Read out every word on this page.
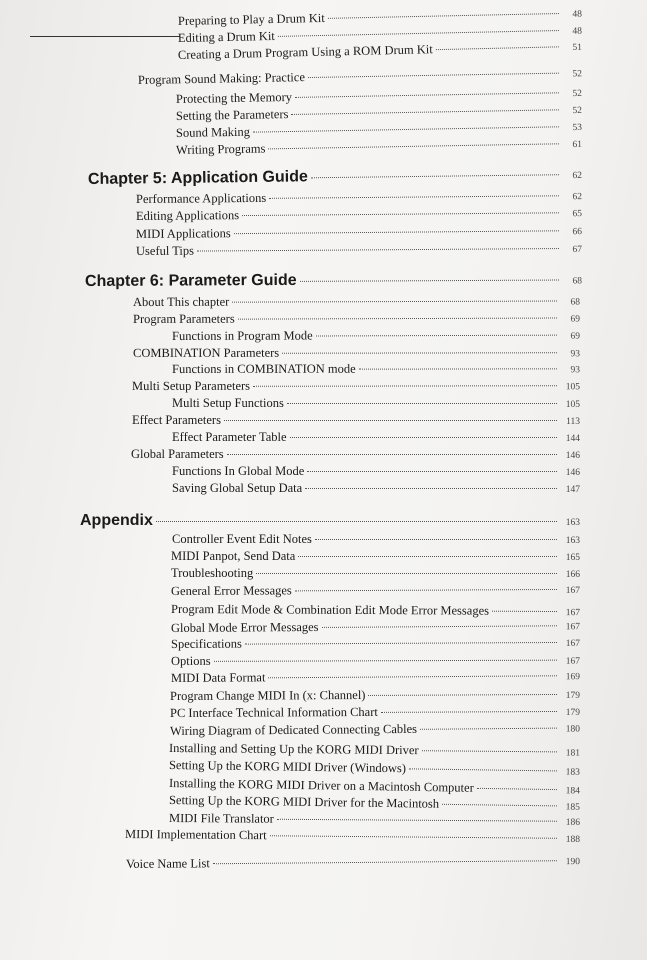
Preparing to Play a Drum Kit	48
Editing a Drum Kit	48
Creating a Drum Program Using a ROM Drum Kit	51
Program Sound Making: Practice	52
Protecting the Memory	52
Setting the Parameters	52
Sound Making	53
Writing Programs	61
Chapter 5: Application Guide	62
Performance Applications	62
Editing Applications	65
MIDI Applications	66
Useful Tips	67
Chapter 6: Parameter Guide	68
About This chapter	68
Program Parameters	69
Functions in Program Mode	69
COMBINATION Parameters	93
Functions in COMBINATION mode	93
Multi Setup Parameters	105
Multi Setup Functions	105
Effect Parameters	113
Effect Parameter Table	144
Global Parameters	146
Functions In Global Mode	146
Saving Global Setup Data	147
Appendix	163
Controller Event Edit Notes	163
MIDI Panpot, Send Data	165
Troubleshooting	166
General Error Messages	167
Program Edit Mode & Combination Edit Mode Error Messages	167
Global Mode Error Messages	167
Specifications	167
Options	167
MIDI Data Format	169
Program Change MIDI In (x: Channel)	179
PC Interface Technical Information Chart	179
Wiring Diagram of Dedicated Connecting Cables	180
Installing and Setting Up the KORG MIDI Driver	181
Setting Up the KORG MIDI Driver (Windows)	183
Installing the KORG MIDI Driver on a Macintosh Computer	184
Setting Up the KORG MIDI Driver for the Macintosh	185
MIDI File Translator	186
MIDI Implementation Chart	188
Voice Name List	190
